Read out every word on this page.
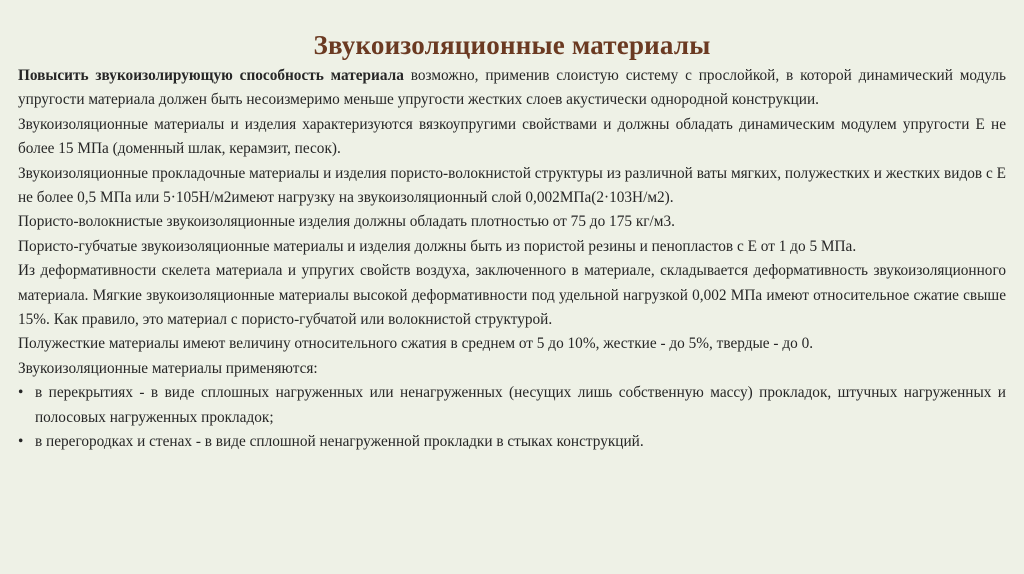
Звукоизоляционные материалы

Повысить звукоизолирующую способность материала возможно, применив слоистую систему с прослойкой, в которой динамический модуль упругости материала должен быть несоизмеримо меньше упругости жестких слоев акустически однородной конструкции.

Звукоизоляционные материалы и изделия характеризуются вязкоупругими свойствами и должны обладать динамическим модулем упругости Е не более 15 МПа (доменный шлак, керамзит, песок).

Звукоизоляционные прокладочные материалы и изделия пористо-волокнистой структуры из различной ваты мягких, полужестких и жестких видов с Е не более 0,5 МПа или 5·105Н/м2имеют нагрузку на звукоизоляционный слой 0,002МПа(2·103Н/м2).

Пористо-волокнистые звукоизоляционные изделия должны обладать плотностью от 75 до 175 кг/м3.

Пористо-губчатые звукоизоляционные материалы и изделия должны быть из пористой резины и пенопластов с Е от 1 до 5 МПа.

Из деформативности скелета материала и упругих свойств воздуха, заключенного в материале, складывается деформативность звукоизоляционного материала. Мягкие звукоизоляционные материалы высокой деформативности под удельной нагрузкой 0,002 МПа имеют относительное сжатие свыше 15%. Как правило, это материал с пористо-губчатой или волокнистой структурой.

Полужесткие материалы имеют величину относительного сжатия в среднем от 5 до 10%, жесткие - до 5%, твердые - до 0.

Звукоизоляционные материалы применяются:

• в перекрытиях - в виде сплошных нагруженных или ненагруженных (несущих лишь собственную массу) прокладок, штучных нагруженных и полосовых нагруженных прокладок;
• в перегородках и стенах - в виде сплошной ненагруженной прокладки в стыках конструкций.
